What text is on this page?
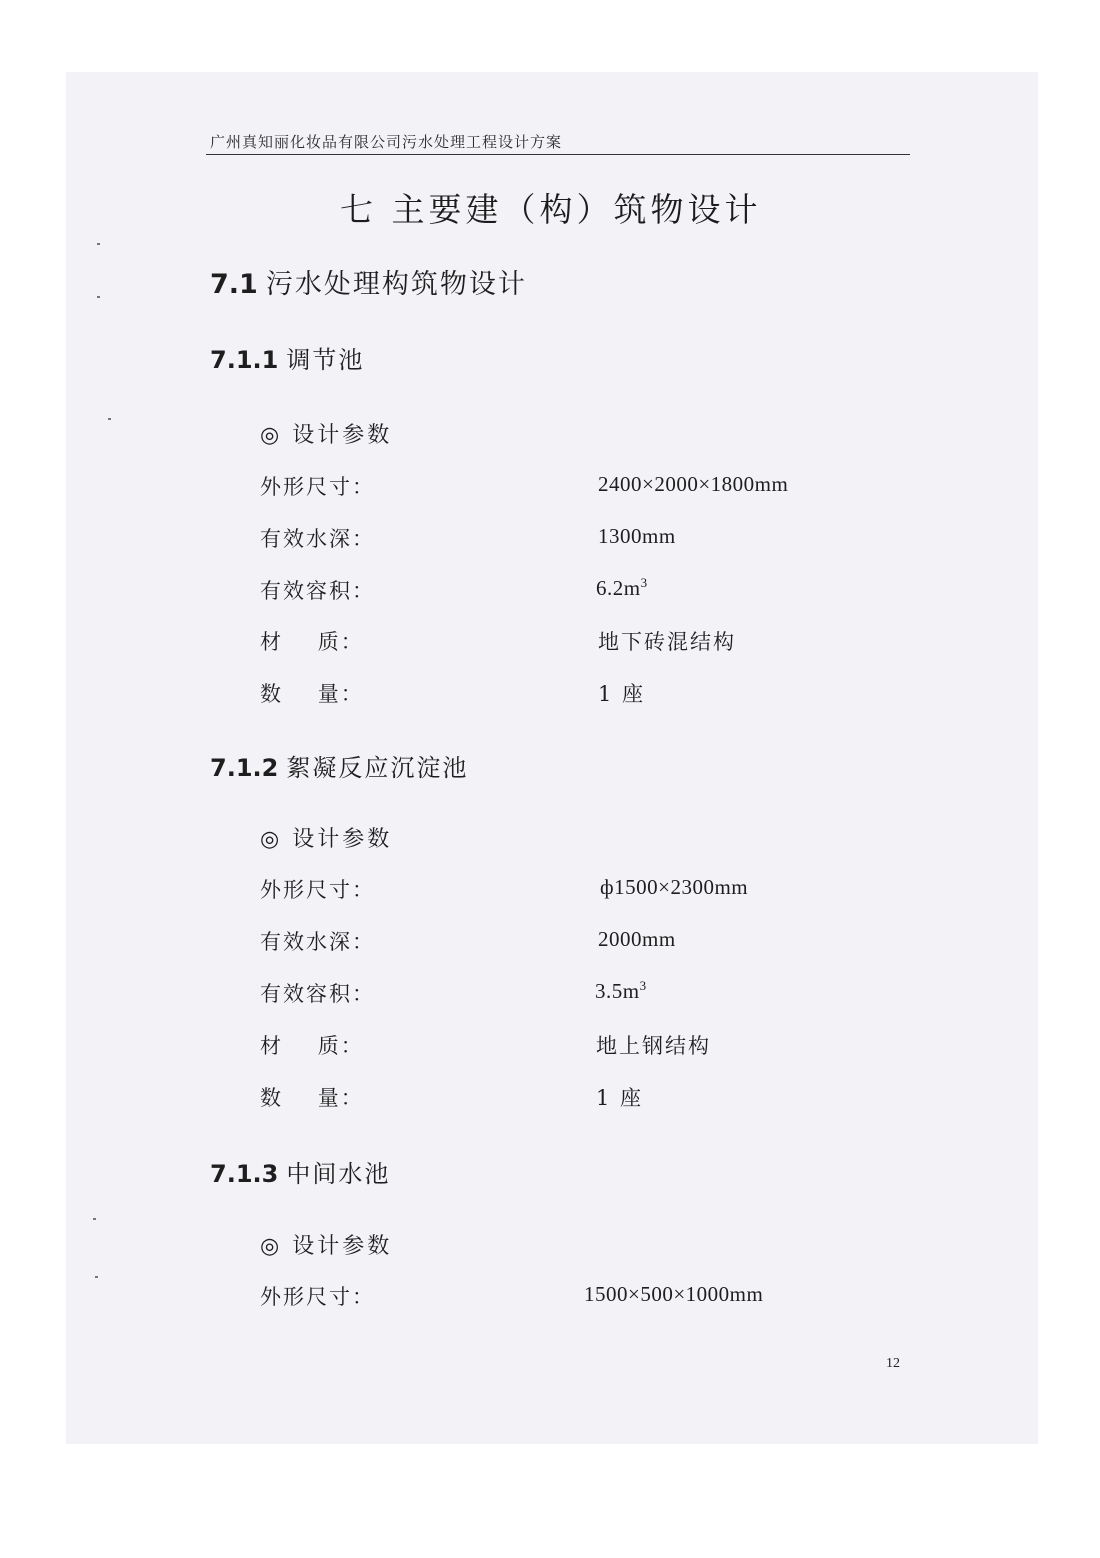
广州真知丽化妆品有限公司污水处理工程设计方案
七 主要建（构）筑物设计
7.1 污水处理构筑物设计
7.1.1 调节池
◎ 设计参数
外形尺寸：	2400×2000×1800mm
有效水深：	1300mm
有效容积：	$6.2m^3$
材    质：	地下砖混结构
数    量：	1 座
7.1.2 絮凝反应沉淀池
◎ 设计参数
外形尺寸：	ф1500×2300mm
有效水深：	2000mm
有效容积：	$3.5m^3$
材    质：	地上钢结构
数    量：	1 座
7.1.3 中间水池
◎ 设计参数
外形尺寸：	1500×500×1000mm
12
